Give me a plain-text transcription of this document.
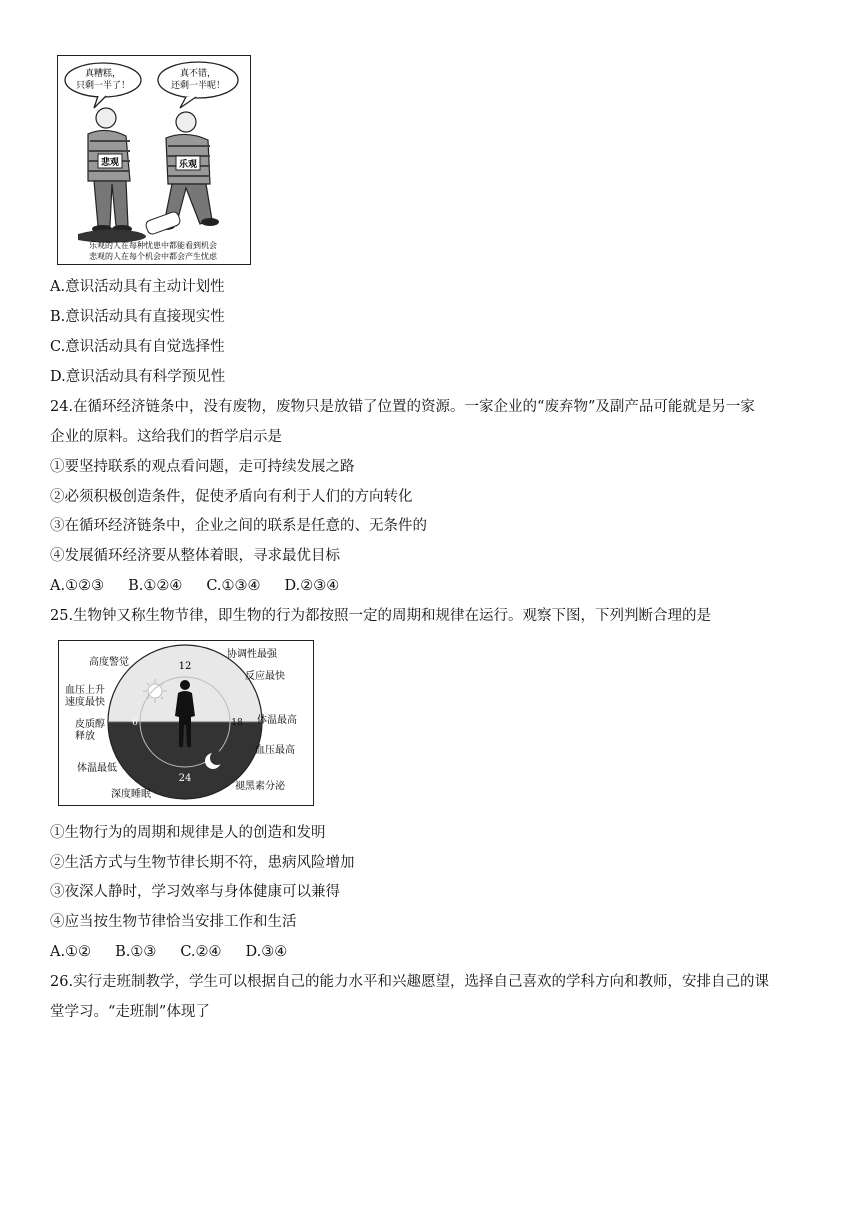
真糟糕，
只剩一半了！
真不错，
还剩一半呢！
悲观	乐观
乐观的人在每种忧患中都能看到机会
悲观的人在每个机会中都会产生忧虑
A.意识活动具有主动计划性
B.意识活动具有直接现实性
C.意识活动具有自觉选择性
D.意识活动具有科学预见性
24.在循环经济链条中，没有废物，废物只是放错了位置的资源。一家企业的“废弃物”及副产品可能就是另一家
企业的原料。这给我们的哲学启示是
①要坚持联系的观点看问题，走可持续发展之路
②必须积极创造条件，促使矛盾向有利于人们的方向转化
③在循环经济链条中，企业之间的联系是任意的、无条件的
④发展循环经济要从整体着眼，寻求最优目标
A.①②③ B.①②④ C.①③④ D.②③④
25.生物钟又称生物节律，即生物的行为都按照一定的周期和规律在运行。观察下图，下列判断合理的是
12
6	18
24
高度警觉
协调性最强
反应最快
血压上升
速度最快
皮质醇
释放
体温最高
血压最高
体温最低
深度睡眠
褪黑素分泌
①生物行为的周期和规律是人的创造和发明
②生活方式与生物节律长期不符，患病风险增加
③夜深人静时，学习效率与身体健康可以兼得
④应当按生物节律恰当安排工作和生活
A.①② B.①③ C.②④ D.③④
26.实行走班制教学，学生可以根据自己的能力水平和兴趣愿望，选择自己喜欢的学科方向和教师，安排自己的课
堂学习。“走班制”体现了
